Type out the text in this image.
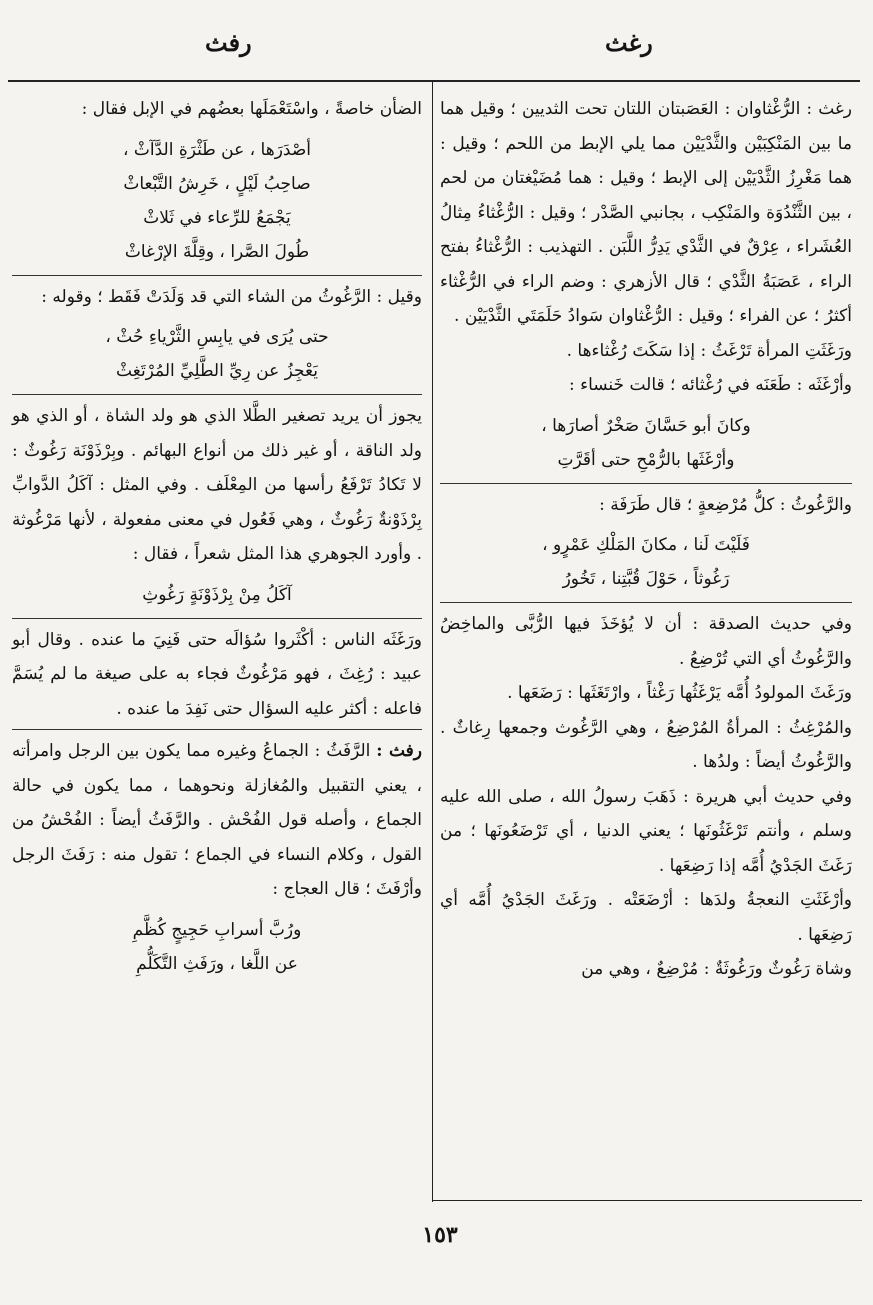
رغث
رفث

رغث : الرُّغْثاوان : العَصَبتان اللتان تحت الثديين ؛ وقيل هما ما بين المَنْكِبَيْن والثَّدْيَيْن مما يلي الإبط من اللحم ؛ وقيل : هما مَغْرِزُ الثَّدْيَيْن إلى الإبط ؛ وقيل : هما مُضَيْغتان من لحم ، بين الثَّنْدُوَة والمَنْكِب ، بجانبي الصَّدْر ؛ وقيل : الرُّغْثاءُ مِثالُ العُشَراء ، عِرْقٌ في الثَّدْي يَدِرُّ اللَّبَن . التهذيب : الرُّغْثاءُ بفتح الراء ، عَصَبَةُ الثَّدْي ؛ قال الأزهري : وضم الراء في الرُّغْثاء أكثرُ ؛ عن الفراء ؛ وقيل : الرُّغْثاوان سَوادُ حَلَمَتَي الثَّدْيَيْن .

ورَغَثَتِ المرأة تَرْغَثُ : إذا سَكَتَ رُغْثاءها .

وأرْغَثَه : طَعَنَه في رُغْثائه ؛ قالت خَنساء :

وكانَ أبو حَسَّانَ صَخْرٌ أصارَها ،
وأرْغَثَها بالرُّمْحِ حتى أقَرَّتِ

والرَّغُوثُ : كلُّ مُرْضِعةٍ ؛ قال طَرَفَة :

فَلَيْتَ لَنا ، مكانَ المَلْكِ عَمْرٍو ،
رَغُوثاً ، حَوْلَ قُبَّتِنا ، تَخُورُ

وفي حديث الصدقة : أن لا يُؤخَذَ فيها الرُّبَّى والماخِضُ والرَّغُوثُ أي التي تُرْضِعُ .

ورَغَثَ المولودُ أُمَّه يَرْغَثُها رَغْثاً ، وارْتَغَثَها : رَضَعَها .

والمُرْغِثُ : المرأةُ المُرْضِعُ ، وهي الرَّغُوث وجمعها رِغاثٌ . والرَّغُوثُ أيضاً : ولدُها .

وفي حديث أبي هريرة : ذَهَبَ رسولُ الله ، صلى الله عليه وسلم ، وأنتم تَرْغَثُونَها ؛ يعني الدنيا ، أي تَرْضَعُونَها ؛ من رَغَثَ الجَدْيُ أُمَّه إذا رَضِعَها .

وأرْغَثَتِ النعجةُ ولدَها : أرْضَعَتْه . ورَغَثَ الجَدْيُ أُمَّه أي رَضِعَها .

وشاة رَغُوثٌ ورَغُوثَةٌ : مُرْضِعٌ ، وهي من

الضأن خاصةً ، واسْتَعْمَلَها بعضُهم في الإبل فقال :

أصْدَرَها ، عن طَثْرَةِ الدَّآثْ ،
صاحِبُ لَيْلٍ ، خَرِشُ التَّبْعاثْ
يَجْمَعُ للرِّعاء في ثَلاثْ
طُولَ الصَّرا ، وقِلَّةَ الإرْغاثْ

وقيل : الرَّغُوثُ من الشاء التي قد وَلَدَتْ فَقَط ؛ وقوله :

حتى يُرَى في يابِسِ الثَّرْياءِ حُثْ ،
يَعْجِزُ عن رِيِّ الطَّلِيِّ المُرْتَغِثْ

يجوز أن يريد تصغير الطَّلا الذي هو ولد الشاة ، أو الذي هو ولد الناقة ، أو غير ذلك من أنواع البهائم . وبِرْذَوْنَة رَغُوثٌ : لا تَكادُ تَرْفَعُ رأسها من المِعْلَف . وفي المثل : آكَلُ الدَّوابِّ بِرْذَوْنةٌ رَغُوثٌ ، وهي فَعُول في معنى مفعولة ، لأنها مَرْغُوثة . وأورد الجوهري هذا المثل شعراً ، فقال :

آكَلُ مِنْ بِرْذَوْنَةٍ رَغُوثِ

ورَغَثَه الناس : أكْثَروا سُؤالَه حتى فَنِيَ ما عنده . وقال أبو عبيد : رُغِثَ ، فهو مَرْغُوثٌ فجاء به على صيغة ما لم يُسَمَّ فاعله : أكثر عليه السؤال حتى نَفِدَ ما عنده .

رفث : الرَّفَثُ : الجماعُ وغيره مما يكون بين الرجل وامرأته ، يعني التقبيل والمُغازلة ونحوهما ، مما يكون في حالة الجماع ، وأصله قول الفُحْش . والرَّفَثُ أيضاً : الفُحْشُ من القول ، وكلام النساء في الجماع ؛ تقول منه : رَفَثَ الرجل وأرْفَثَ ؛ قال العجاج :

ورُبَّ أسرابِ حَجِيجٍ كُظَّمِ
عن اللَّغا ، ورَفَثِ التَّكَلُّمِ
١٥٣
